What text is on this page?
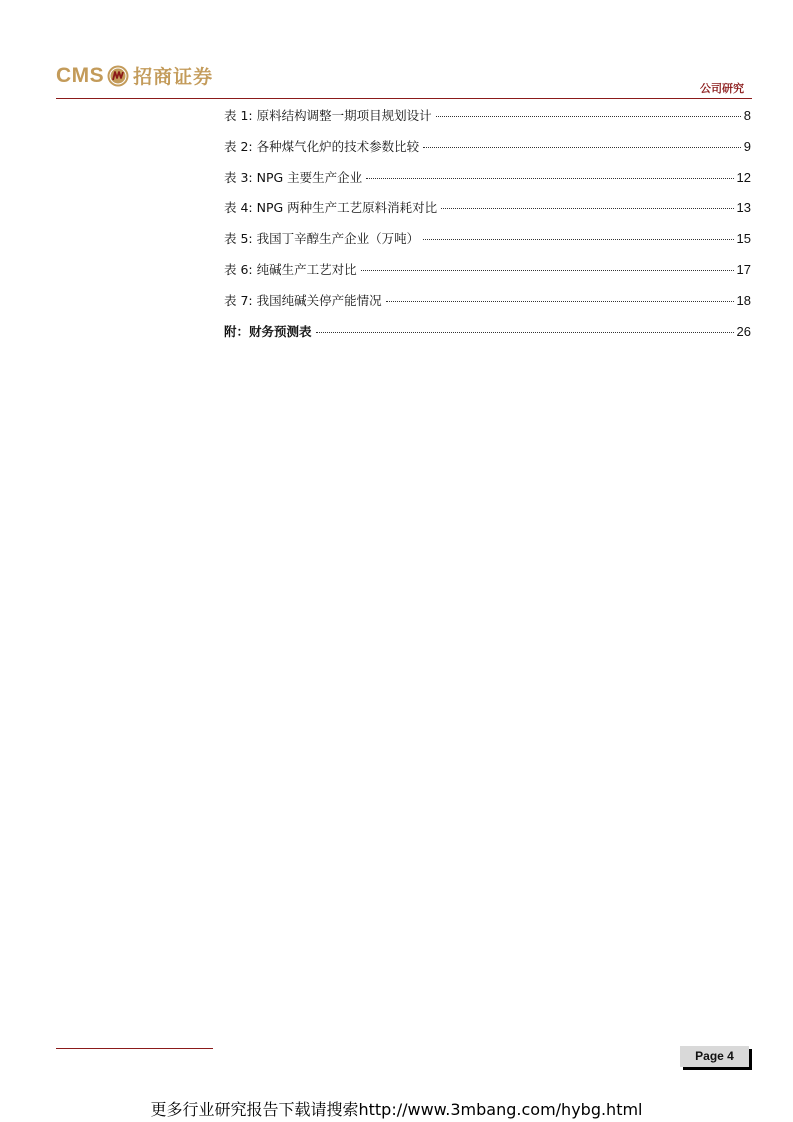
CMS 招商证券
公司研究
表 1: 原料结构调整一期项目规划设计	8
表 2: 各种煤气化炉的技术参数比较	9
表 3: NPG 主要生产企业	12
表 4: NPG 两种生产工艺原料消耗对比	13
表 5: 我国丁辛醇生产企业（万吨）	15
表 6: 纯碱生产工艺对比	17
表 7: 我国纯碱关停产能情况	18
附：财务预测表	26
Page 4
更多行业研究报告下载请搜索http://www.3mbang.com/hybg.html
